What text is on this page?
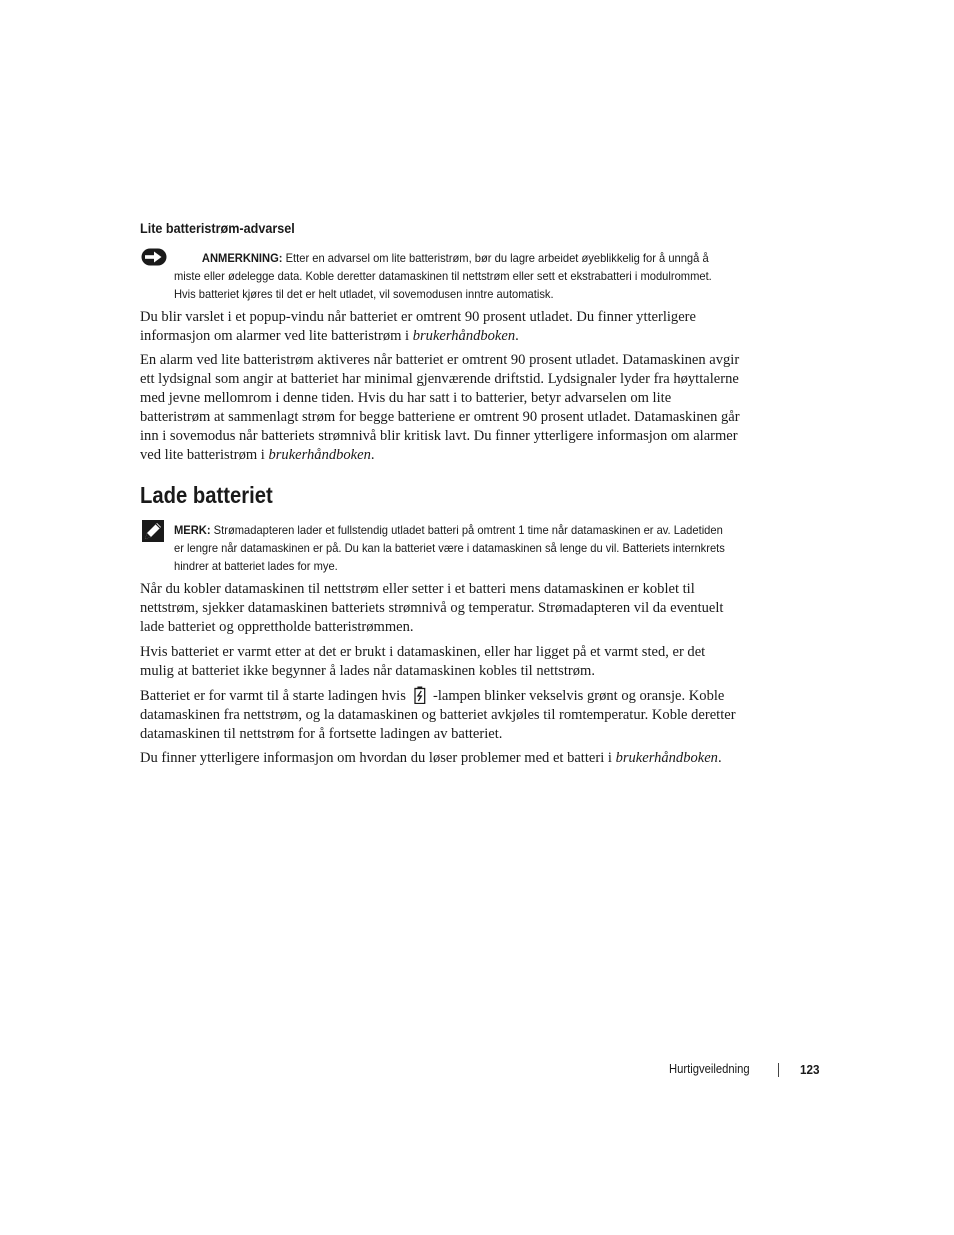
Lite batteristrøm-advarsel
ANMERKNING: Etter en advarsel om lite batteristrøm, bør du lagre arbeidet øyeblikkelig for å unngå å miste eller ødelegge data. Koble deretter datamaskinen til nettstrøm eller sett et ekstrabatteri i modulrommet. Hvis batteriet kjøres til det er helt utladet, vil sovemodusen inntre automatisk.

Du blir varslet i et popup-vindu når batteriet er omtrent 90 prosent utladet. Du finner ytterligere informasjon om alarmer ved lite batteristrøm i brukerhåndboken.

En alarm ved lite batteristrøm aktiveres når batteriet er omtrent 90 prosent utladet. Datamaskinen avgir ett lydsignal som angir at batteriet har minimal gjenværende driftstid. Lydsignaler lyder fra høyttalerne med jevne mellomrom i denne tiden. Hvis du har satt i to batterier, betyr advarselen om lite batteristrøm at sammenlagt strøm for begge batteriene er omtrent 90 prosent utladet. Datamaskinen går inn i sovemodus når batteriets strømnivå blir kritisk lavt. Du finner ytterligere informasjon om alarmer ved lite batteristrøm i brukerhåndboken.

Lade batteriet
MERK: Strømadapteren lader et fullstendig utladet batteri på omtrent 1 time når datamaskinen er av. Ladetiden er lengre når datamaskinen er på. Du kan la batteriet være i datamaskinen så lenge du vil. Batteriets internkrets hindrer at batteriet lades for mye.

Når du kobler datamaskinen til nettstrøm eller setter i et batteri mens datamaskinen er koblet til nettstrøm, sjekker datamaskinen batteriets strømnivå og temperatur. Strømadapteren vil da eventuelt lade batteriet og opprettholde batteristrømmen.

Hvis batteriet er varmt etter at det er brukt i datamaskinen, eller har ligget på et varmt sted, er det mulig at batteriet ikke begynner å lades når datamaskinen kobles til nettstrøm.

Batteriet er for varmt til å starte ladingen hvis -lampen blinker vekselvis grønt og oransje. Koble datamaskinen fra nettstrøm, og la datamaskinen og batteriet avkjøles til romtemperatur. Koble deretter datamaskinen til nettstrøm for å fortsette ladingen av batteriet.

Du finner ytterligere informasjon om hvordan du løser problemer med et batteri i brukerhåndboken.

Hurtigveiledning	123
